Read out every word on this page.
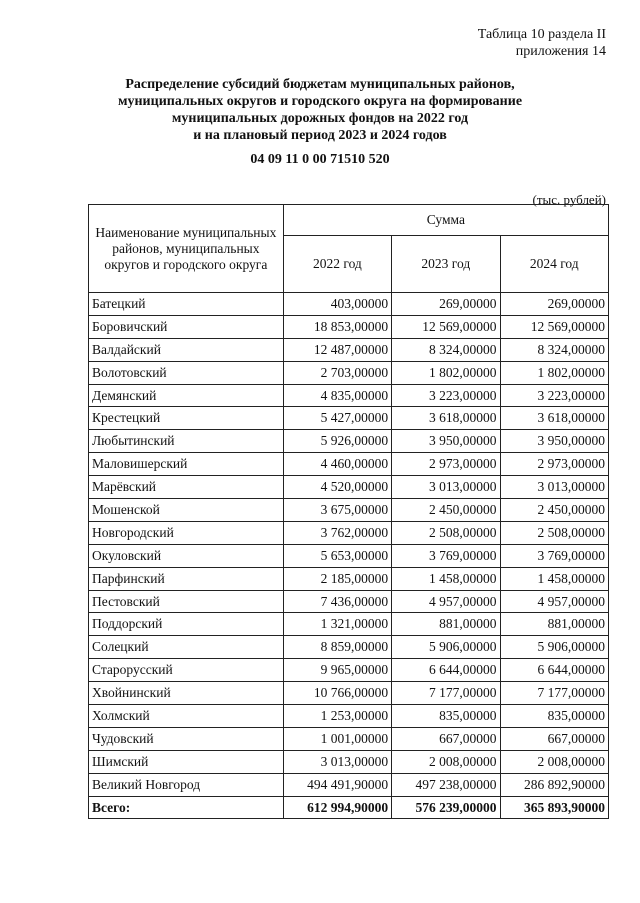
Таблица 10 раздела II
приложения 14
Распределение субсидий бюджетам муниципальных районов,
муниципальных округов и городского округа на формирование
муниципальных дорожных фондов на 2022 год
и на плановый период 2023 и 2024 годов
04 09 11 0 00 71510 520
(тыс. рублей)
Наименование муниципальных районов, муниципальных округов и городского округа	Сумма		
	2022 год	2023 год	2024 год
Батецкий	403,00000	269,00000	269,00000
Боровичский	18 853,00000	12 569,00000	12 569,00000
Валдайский	12 487,00000	8 324,00000	8 324,00000
Волотовский	2 703,00000	1 802,00000	1 802,00000
Демянский	4 835,00000	3 223,00000	3 223,00000
Крестецкий	5 427,00000	3 618,00000	3 618,00000
Любытинский	5 926,00000	3 950,00000	3 950,00000
Маловишерский	4 460,00000	2 973,00000	2 973,00000
Марёвский	4 520,00000	3 013,00000	3 013,00000
Мошенской	3 675,00000	2 450,00000	2 450,00000
Новгородский	3 762,00000	2 508,00000	2 508,00000
Окуловский	5 653,00000	3 769,00000	3 769,00000
Парфинский	2 185,00000	1 458,00000	1 458,00000
Пестовский	7 436,00000	4 957,00000	4 957,00000
Поддорский	1 321,00000	881,00000	881,00000
Солецкий	8 859,00000	5 906,00000	5 906,00000
Старорусский	9 965,00000	6 644,00000	6 644,00000
Хвойнинский	10 766,00000	7 177,00000	7 177,00000
Холмский	1 253,00000	835,00000	835,00000
Чудовский	1 001,00000	667,00000	667,00000
Шимский	3 013,00000	2 008,00000	2 008,00000
Великий Новгород	494 491,90000	497 238,00000	286 892,90000
Всего:	612 994,90000	576 239,00000	365 893,90000
